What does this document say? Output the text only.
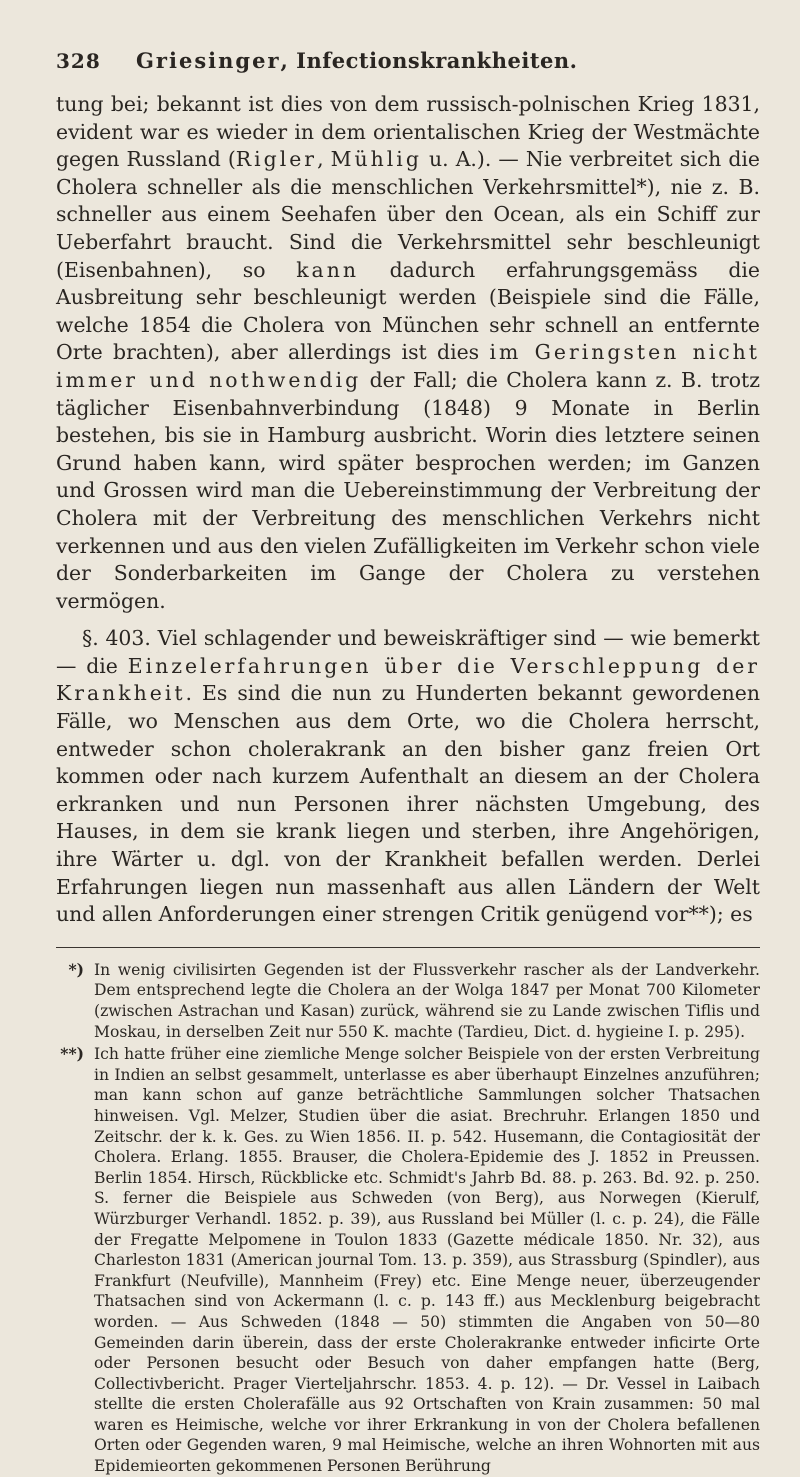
328	Griesinger, Infectionskrankheiten.

tung bei; bekannt ist dies von dem russisch-polnischen Krieg 1831, evident war es wieder in dem orientalischen Krieg der Westmächte gegen Russland (Rigler, Mühlig u. A.). — Nie verbreitet sich die Cholera schneller als die menschlichen Verkehrsmittel*), nie z. B. schneller aus einem Seehafen über den Ocean, als ein Schiff zur Ueberfahrt braucht. Sind die Verkehrsmittel sehr beschleunigt (Eisenbahnen), so kann dadurch erfahrungsgemäss die Ausbreitung sehr beschleunigt werden (Beispiele sind die Fälle, welche 1854 die Cholera von München sehr schnell an entfernte Orte brachten), aber allerdings ist dies im Geringsten nicht immer und nothwendig der Fall; die Cholera kann z. B. trotz täglicher Eisenbahnverbindung (1848) 9 Monate in Berlin bestehen, bis sie in Hamburg ausbricht. Worin dies letztere seinen Grund haben kann, wird später besprochen werden; im Ganzen und Grossen wird man die Uebereinstimmung der Verbreitung der Cholera mit der Verbreitung des menschlichen Verkehrs nicht verkennen und aus den vielen Zufälligkeiten im Verkehr schon viele der Sonderbarkeiten im Gange der Cholera zu verstehen vermögen.

§. 403. Viel schlagender und beweiskräftiger sind — wie bemerkt — die Einzelerfahrungen über die Verschleppung der Krankheit. Es sind die nun zu Hunderten bekannt gewordenen Fälle, wo Menschen aus dem Orte, wo die Cholera herrscht, entweder schon cholerakrank an den bisher ganz freien Ort kommen oder nach kurzem Aufenthalt an diesem an der Cholera erkranken und nun Personen ihrer nächsten Umgebung, des Hauses, in dem sie krank liegen und sterben, ihre Angehörigen, ihre Wärter u. dgl. von der Krankheit befallen werden. Derlei Erfahrungen liegen nun massenhaft aus allen Ländern der Welt und allen Anforderungen einer strengen Critik genügend vor**); es

*) In wenig civilisirten Gegenden ist der Flussverkehr rascher als der Landverkehr. Dem entsprechend legte die Cholera an der Wolga 1847 per Monat 700 Kilometer (zwischen Astrachan und Kasan) zurück, während sie zu Lande zwischen Tiflis und Moskau, in derselben Zeit nur 550 K. machte (Tardieu, Dict. d. hygieine I. p. 295).
**) Ich hatte früher eine ziemliche Menge solcher Beispiele von der ersten Verbreitung in Indien an selbst gesammelt, unterlasse es aber überhaupt Einzelnes anzuführen; man kann schon auf ganze beträchtliche Sammlungen solcher Thatsachen hinweisen. Vgl. Melzer, Studien über die asiat. Brechruhr. Erlangen 1850 und Zeitschr. der k. k. Ges. zu Wien 1856. II. p. 542. Husemann, die Contagiosität der Cholera. Erlang. 1855. Brauser, die Cholera-Epidemie des J. 1852 in Preussen. Berlin 1854. Hirsch, Rückblicke etc. Schmidt's Jahrb Bd. 88. p. 263. Bd. 92. p. 250. S. ferner die Beispiele aus Schweden (von Berg), aus Norwegen (Kierulf, Würzburger Verhandl. 1852. p. 39), aus Russland bei Müller (l. c. p. 24), die Fälle der Fregatte Melpomene in Toulon 1833 (Gazette médicale 1850. Nr. 32), aus Charleston 1831 (American journal Tom. 13. p. 359), aus Strassburg (Spindler), aus Frankfurt (Neufville), Mannheim (Frey) etc. Eine Menge neuer, überzeugender Thatsachen sind von Ackermann (l. c. p. 143 ff.) aus Mecklenburg beigebracht worden. — Aus Schweden (1848 — 50) stimmten die Angaben von 50—80 Gemeinden darin überein, dass der erste Cholerakranke entweder inficirte Orte oder Personen besucht oder Besuch von daher empfangen hatte (Berg, Collectivbericht. Prager Vierteljahrschr. 1853. 4. p. 12). — Dr. Vessel in Laibach stellte die ersten Cholerafälle aus 92 Ortschaften von Krain zusammen: 50 mal waren es Heimische, welche vor ihrer Erkrankung in von der Cholera befallenen Orten oder Gegenden waren, 9 mal Heimische, welche an ihren Wohnorten mit aus Epidemieorten gekommenen Personen Berührung
